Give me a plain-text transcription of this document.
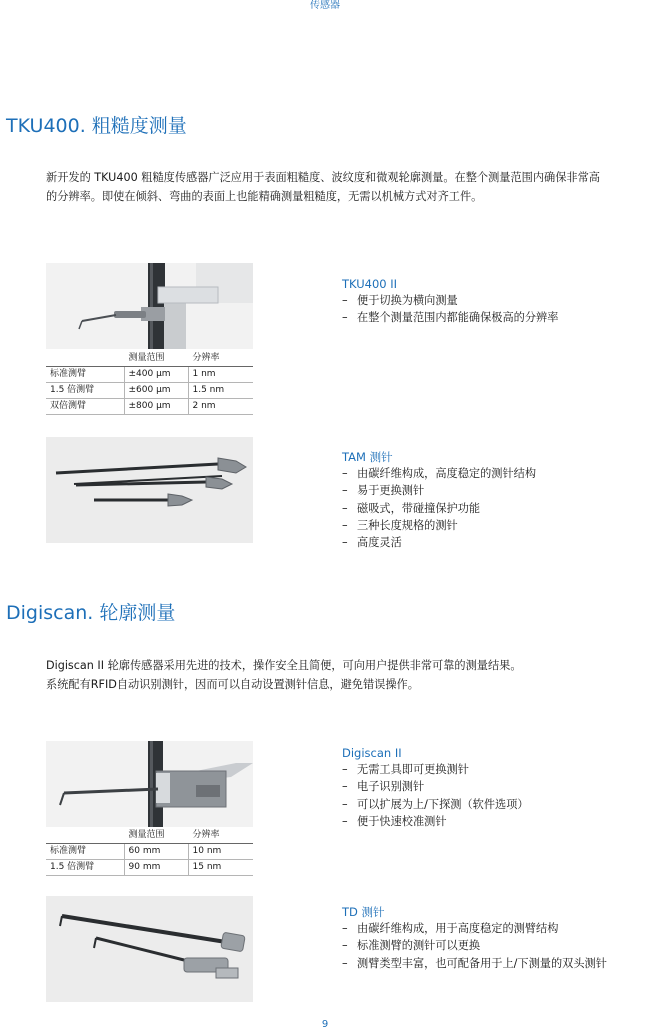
传感器
TKU400. 粗糙度测量

新开发的 TKU400 粗糙度传感器广泛应用于表面粗糙度、波纹度和微观轮廓测量。在整个测量范围内确保非常高

的分辨率。即使在倾斜、弯曲的表面上也能精确测量粗糙度，无需以机械方式对齐工件。

	测量范围	分辨率
标准测臂	±400 μm	1 nm
1.5 倍测臂	±600 μm	1.5 nm
双倍测臂	±800 μm	2 nm
TKU400 II
– 便于切换为横向测量
– 在整个测量范围内都能确保极高的分辨率
TAM 测针
– 由碳纤维构成，高度稳定的测针结构
– 易于更换测针
– 磁吸式，带碰撞保护功能
– 三种长度规格的测针
– 高度灵活
Digiscan. 轮廓测量

Digiscan II 轮廓传感器采用先进的技术，操作安全且简便，可向用户提供非常可靠的测量结果。

系统配有RFID自动识别测针，因而可以自动设置测针信息，避免错误操作。

	测量范围	分辨率
标准测臂	60 mm	10 nm
1.5 倍测臂	90 mm	15 nm
Digiscan II
– 无需工具即可更换测针
– 电子识别测针
– 可以扩展为上/下探测（软件选项）
– 便于快速校准测针
TD 测针
– 由碳纤维构成，用于高度稳定的测臂结构
– 标准测臂的测针可以更换
– 测臂类型丰富，也可配备用于上/下测量的双头测针
9
